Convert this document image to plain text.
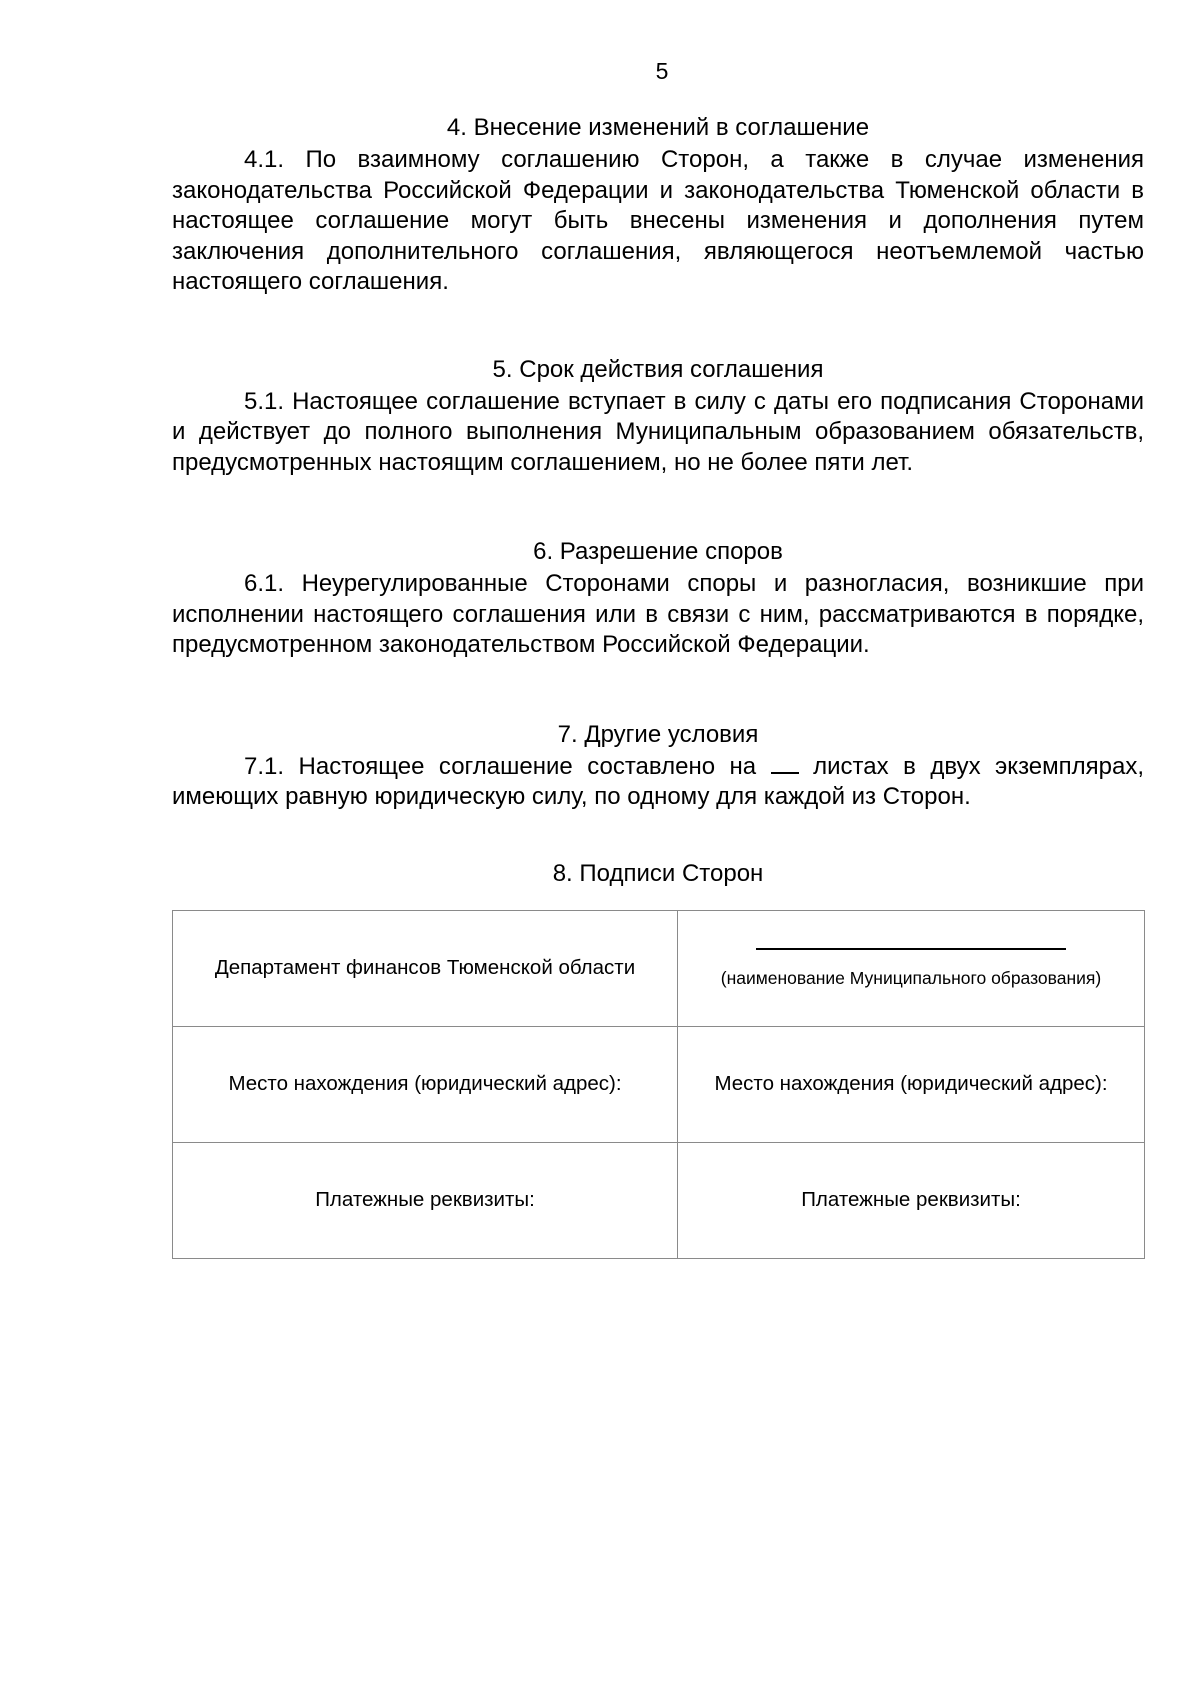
5

4. Внесение изменений в соглашение

4.1. По взаимному соглашению Сторон, а также в случае изменения законодательства Российской Федерации и законодательства Тюменской области в настоящее соглашение могут быть внесены изменения и дополнения путем заключения дополнительного соглашения, являющегося неотъемлемой частью настоящего соглашения.

5. Срок действия соглашения

5.1. Настоящее соглашение вступает в силу с даты его подписания Сторонами и действует до полного выполнения Муниципальным образованием обязательств, предусмотренных настоящим соглашением, но не более пяти лет.

6. Разрешение споров

6.1. Неурегулированные Сторонами споры и разногласия, возникшие при исполнении настоящего соглашения или в связи с ним, рассматриваются в порядке, предусмотренном законодательством Российской Федерации.

7. Другие условия

7.1. Настоящее соглашение составлено на листах в двух экземплярах, имеющих равную юридическую силу, по одному для каждой из Сторон.

8. Подписи Сторон

Департамент финансов Тюменской области	(наименование Муниципального образования)

Место нахождения (юридический адрес):	Место нахождения (юридический адрес):
Платежные реквизиты:	Платежные реквизиты:
